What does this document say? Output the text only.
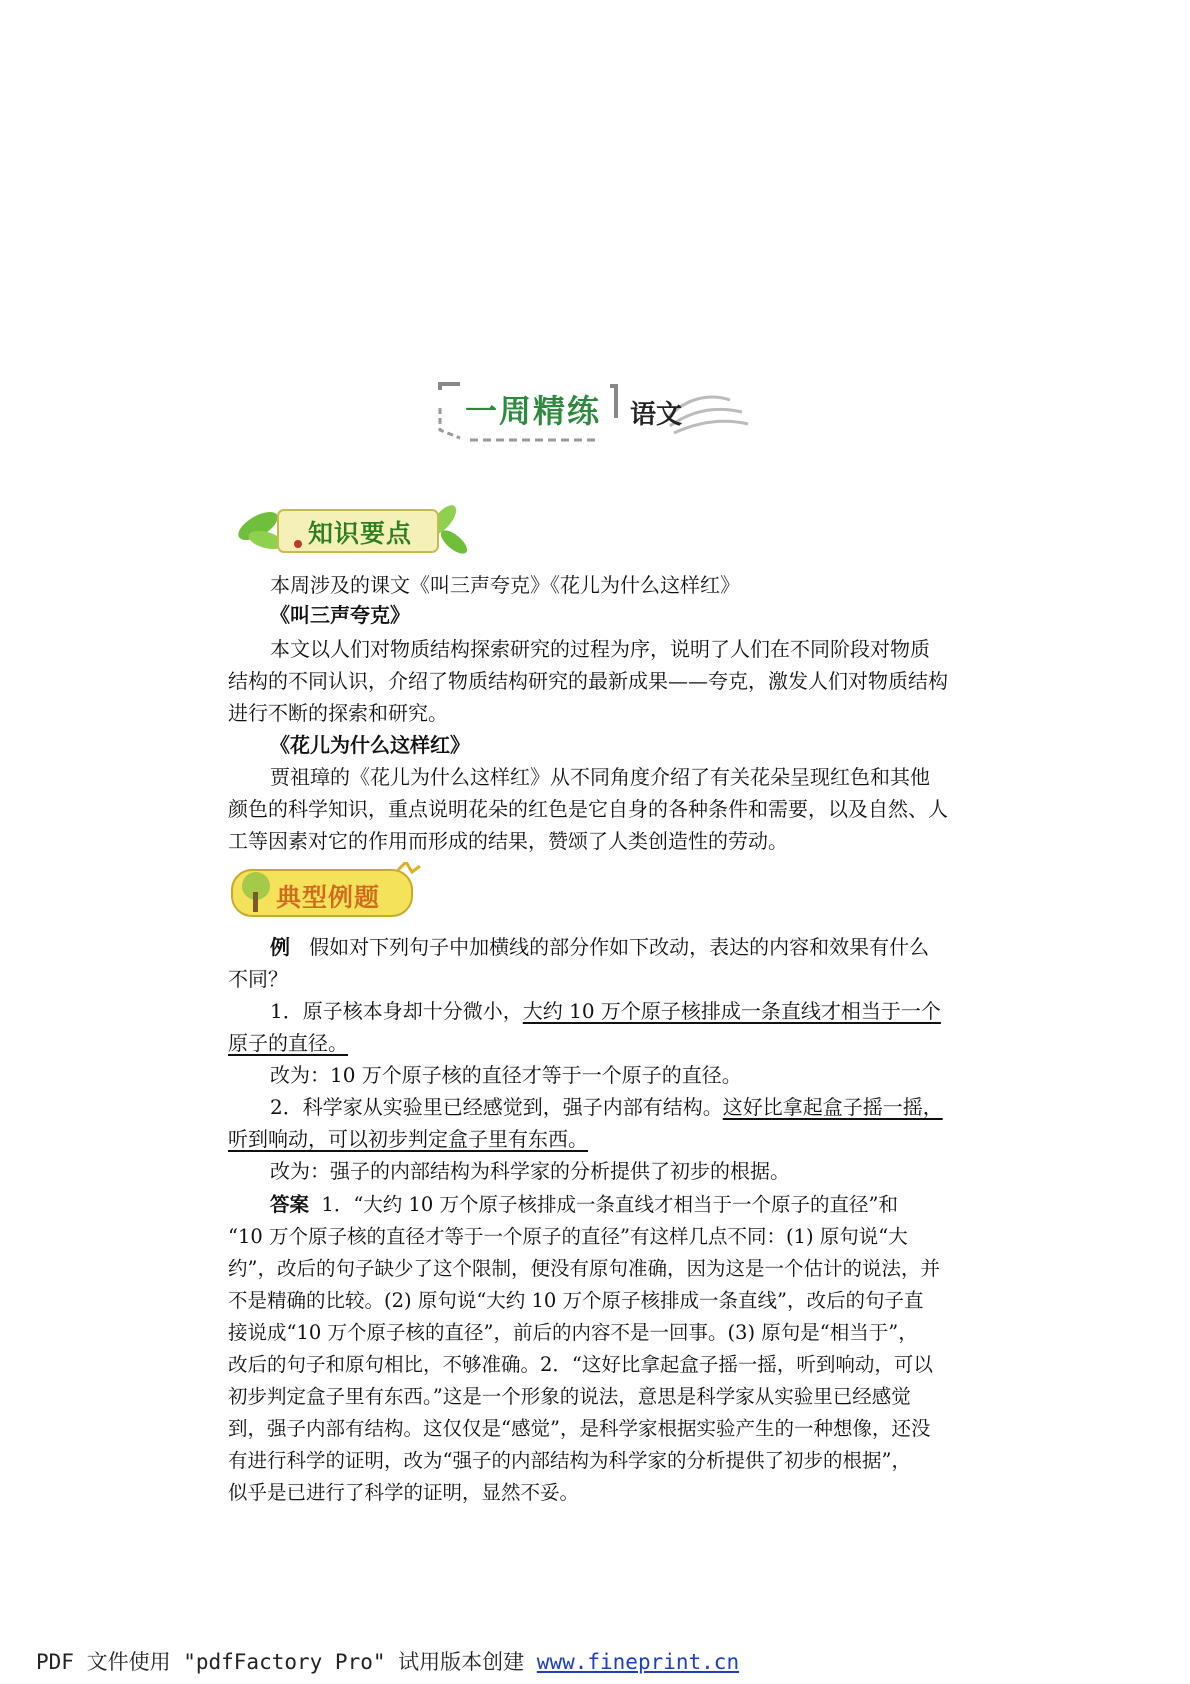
一周精练 语文
知识要点
本周涉及的课文《叫三声夸克》《花儿为什么这样红》
《叫三声夸克》
本文以人们对物质结构探索研究的过程为序，说明了人们在不同阶段对物质
结构的不同认识，介绍了物质结构研究的最新成果——夸克，激发人们对物质结构
进行不断的探索和研究。
《花儿为什么这样红》
贾祖璋的《花儿为什么这样红》从不同角度介绍了有关花朵呈现红色和其他
颜色的科学知识，重点说明花朵的红色是它自身的各种条件和需要，以及自然、人
工等因素对它的作用而形成的结果，赞颂了人类创造性的劳动。
典型例题
例 假如对下列句子中加横线的部分作如下改动，表达的内容和效果有什么
不同？
1．原子核本身却十分微小，大约 10 万个原子核排成一条直线才相当于一个
原子的直径。
改为：10 万个原子核的直径才等于一个原子的直径。
2．科学家从实验里已经感觉到，强子内部有结构。这好比拿起盒子摇一摇，
听到响动，可以初步判定盒子里有东西。
改为：强子的内部结构为科学家的分析提供了初步的根据。
答案 1．“大约 10 万个原子核排成一条直线才相当于一个原子的直径”和
“10 万个原子核的直径才等于一个原子的直径”有这样几点不同：(1) 原句说“大
约”，改后的句子缺少了这个限制，便没有原句准确，因为这是一个估计的说法，并
不是精确的比较。(2) 原句说“大约 10 万个原子核排成一条直线”，改后的句子直
接说成“10 万个原子核的直径”，前后的内容不是一回事。(3) 原句是“相当于”，
改后的句子和原句相比，不够准确。2．“这好比拿起盒子摇一摇，听到响动，可以
初步判定盒子里有东西。”这是一个形象的说法，意思是科学家从实验里已经感觉
到，强子内部有结构。这仅仅是“感觉”，是科学家根据实验产生的一种想像，还没
有进行科学的证明，改为“强子的内部结构为科学家的分析提供了初步的根据”，
似乎是已进行了科学的证明，显然不妥。
PDF 文件使用 "pdfFactory Pro" 试用版本创建 www.fineprint.cn
